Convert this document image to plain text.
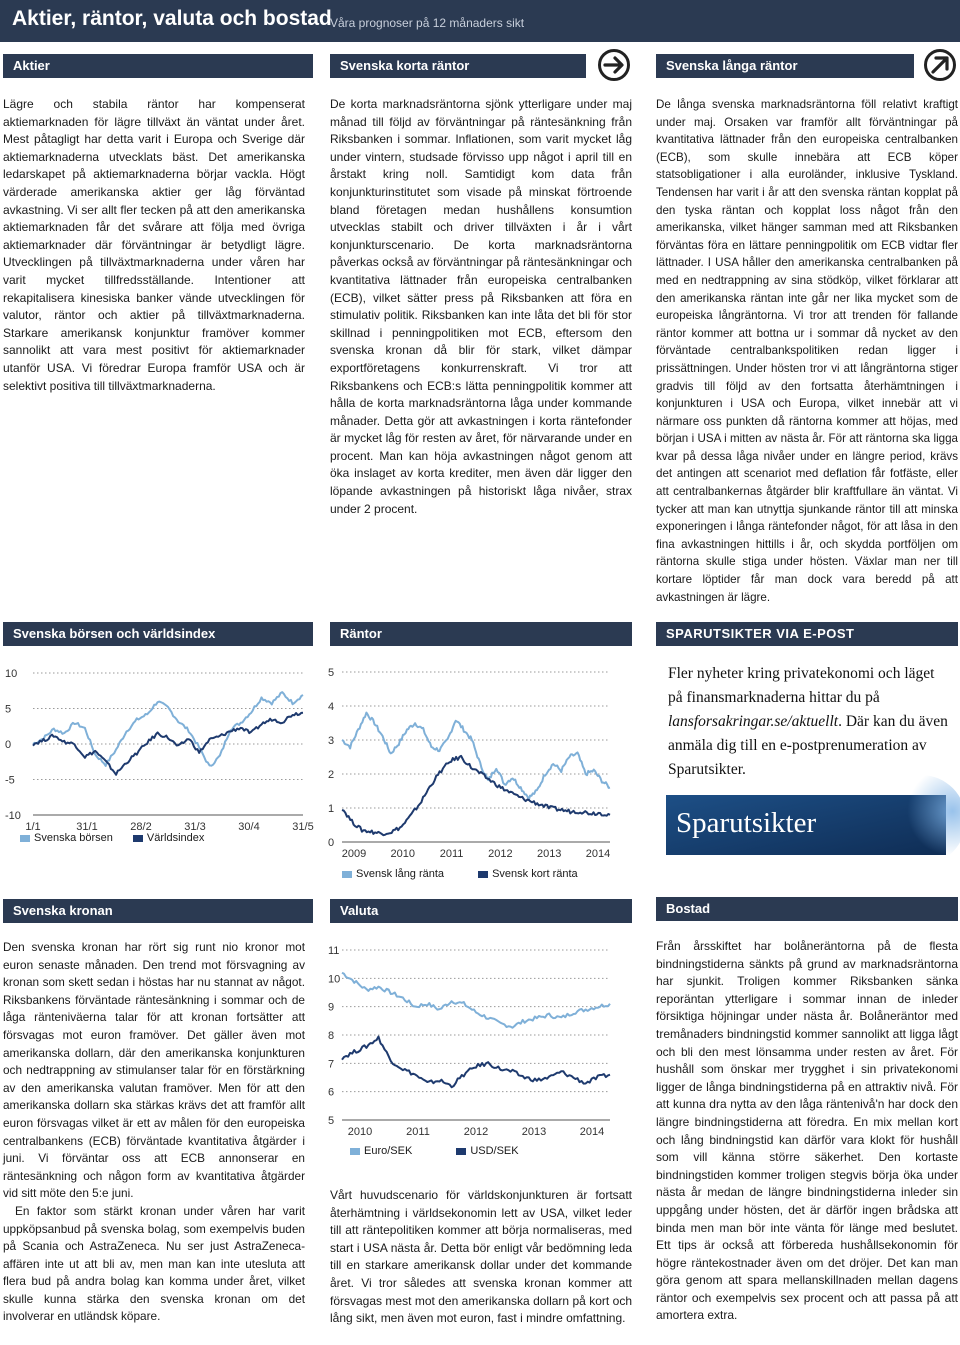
Aktier, räntor, valuta och bostad
Våra prognoser på 12 månaders sikt
Aktier	Svenska korta räntor	Svenska långa räntor

Lägre och stabila räntor har kompenserat aktiemarknaden för lägre tillväxt än väntat under året. Mest påtagligt har detta varit i Europa och Sverige där aktiemarknaderna utvecklats bäst. Det amerikanska ledarskapet på aktiemarknaderna börjar vackla. Högt värderade amerikanska aktier ger låg förväntad avkastning. Vi ser allt fler tecken på att den amerikanska aktiemarknaden får det svårare att följa med övriga aktiemarknader där förväntningar är betydligt lägre. Utvecklingen på tillväxtmarknaderna under våren har varit mycket tillfredsställande. Intentioner att rekapitalisera kinesiska banker vände utvecklingen för valutor, räntor och aktier på tillväxtmarknaderna. Starkare amerikansk konjunktur framöver kommer sannolikt att vara mest positivt för aktiemarknader utanför USA. Vi föredrar Europa framför USA och är selektivt positiva till tillväxtmarknaderna.

De korta marknadsräntorna sjönk ytterligare under maj månad till följd av förväntningar på räntesänkning från Riksbanken i sommar. Inflationen, som varit mycket låg under vintern, studsade förvisso upp något i april till en årstakt kring noll. Samtidigt kom data från konjunkturinstitutet som visade på minskat förtroende bland företagen medan hushållens konsumtion utvecklas stabilt och driver tillväxten i år i vårt konjunkturscenario. De korta marknadsräntorna påverkas också av förväntningar på räntesänkningar och kvantitativa lättnader från europeiska centralbanken (ECB), vilket sätter press på Riksbanken att föra en stimulativ politik. Riksbanken kan inte låta det bli för stor skillnad i penningpolitiken mot ECB, eftersom den svenska kronan då blir för stark, vilket dämpar exportföretagens konkurrenskraft. Vi tror att Riksbankens och ECB:s lätta penningpolitik kommer att hålla de korta marknadsräntorna låga under kommande månader. Detta gör att avkastningen i korta räntefonder är mycket låg för resten av året, för närvarande under en procent. Man kan höja avkastningen något genom att öka inslaget av korta krediter, men även där ligger den löpande avkastningen på historiskt låga nivåer, strax under 2 procent.

De långa svenska marknadsräntorna föll relativt kraftigt under maj. Orsaken var framför allt förväntningar på kvantitativa lättnader från den europeiska centralbanken (ECB), som skulle innebära att ECB köper statsobligationer i alla euroländer, inklusive Tyskland. Tendensen har varit i år att den svenska räntan kopplat på den tyska räntan och kopplat loss något från den amerikanska, vilket hänger samman med att Riksbanken förväntas föra en lättare penningpolitik om ECB vidtar fler lättnader. I USA håller den amerikanska centralbanken på med en nedtrappning av sina stödköp, vilket förklarar att den amerikanska räntan inte går ner lika mycket som de europeiska långräntorna. Vi tror att trenden för fallande räntor kommer att bottna ur i sommar då nycket av den förväntade centralbankspolitiken redan ligger i prissättningen. Under hösten tror vi att långräntorna stiger gradvis till följd av den fortsatta återhämtningen i konjunkturen i USA och Europa, vilket innebär att vi närmare oss punkten då räntorna kommer att höjas, med början i USA i mitten av nästa år. För att räntorna ska ligga kvar på dessa låga nivåer under en längre period, krävs det antingen att scenariot med deflation får fotfäste, eller att centralbankernas åtgärder blir kraftfullare än väntat. Vi tycker att man kan utnyttja sjunkande räntor till att minska exponeringen i långa räntefonder något, för att låsa in den fina avkastningen hittills i år, och skydda portföljen om räntorna skulle stiga under hösten. Växlar man ner till kortare löptider får man dock vara beredd på att avkastningen är lägre.

Svenska börsen och världsindex	Räntor	SPARUTSIKTER VIA E-POST
10
5
0
-5
-10
1/1	31/1	28/2	31/3	30/4	31/5
Svenska börsen	Världsindex
5
4
3
2
1
0
2009 2010 2011 2012 2013 2014
Svensk lång ränta	Svensk kort ränta
Fler nyheter kring privatekonomi och läget på finansmarknaderna hittar du på lansforsakringar.se/aktuellt. Där kan du även anmäla dig till en e-postprenumeration av Sparutsikter.
Sparutsikter
Svenska kronan	Valuta	Bostad

Den svenska kronan har rört sig runt nio kronor mot euron senaste månaden. Den trend mot försvagning av kronan som skett sedan i höstas har nu stannat av något. Riksbankens förväntade räntesänkning i sommar och de låga ränteniväerna talar för att kronan fortsätter att försvagas mot euron framöver. Det gäller även mot amerikanska dollarn, där den amerikanska konjunkturen och nedtrappning av stimulanser talar för en förstärkning av den amerikanska valutan framöver. Men för att den amerikanska dollarn ska stärkas krävs det att framför allt euron försvagas vilket är ett av målen för den europeiska centralbankens (ECB) förväntade kvantitativa åtgärder i juni. Vi förväntar oss att ECB annonserar en räntesänkning och någon form av kvantitativa åtgärder vid sitt möte den 5:e juni.

En faktor som stärkt kronan under våren har varit uppköpsanbud på svenska bolag, som exempelvis buden på Scania och AstraZeneca. Nu ser just AstraZeneca-affären inte ut att bli av, men man kan inte utesluta att flera bud på andra bolag kan komma under året, vilket skulle kunna stärka den svenska kronan om det involverar en utländsk köpare.

11
10
9
8
7
6
5
2010	2011	2012	2013	2014
Euro/SEK	USD/SEK

Vårt huvudscenario för världskonjunkturen är fortsatt återhämtning i världsekonomin lett av USA, vilket leder till att räntepolitiken kommer att börja normaliseras, med start i USA nästa år. Detta bör enligt vår bedömning leda till en starkare amerikansk dollar under det kommande året. Vi tror således att svenska kronan kommer att försvagas mest mot den amerikanska dollarn på kort och lång sikt, men även mot euron, fast i mindre omfattning.

Från årsskiftet har bolåneräntorna på de flesta bindningstiderna sänkts på grund av marknadsräntorna har sjunkit. Troligen kommer Riksbanken sänka reporäntan ytterligare i sommar innan de inleder försiktiga höjningar under nästa år. Bolåneräntor med tremånaders bindningstid kommer sannolikt att ligga lågt och bli den mest lönsamma under resten av året. För hushåll som önskar mer trygghet i sin privatekonomi ligger de långa bindningstiderna på en attraktiv nivå. För att kunna dra nytta av den låga räntenivå'n har dock den längre bindningstiderna att föredra. En mix mellan kort och lång bindningstid kan därför vara klokt för hushåll som vill känna större säkerhet. Den kortaste bindningstiden kommer troligen stegvis börja öka under nästa år medan de längre bindningstiderna inleder sin uppgång under hösten, det är därför ingen brådska att binda men man bör inte vänta för länge med beslutet. Ett tips är också att förbereda hushållsekonomin för högre räntekostnader även om det dröjer. Det kan man göra genom att spara mellanskillnaden mellan dagens räntor och exempelvis sex procent och att passa på att amortera extra.
